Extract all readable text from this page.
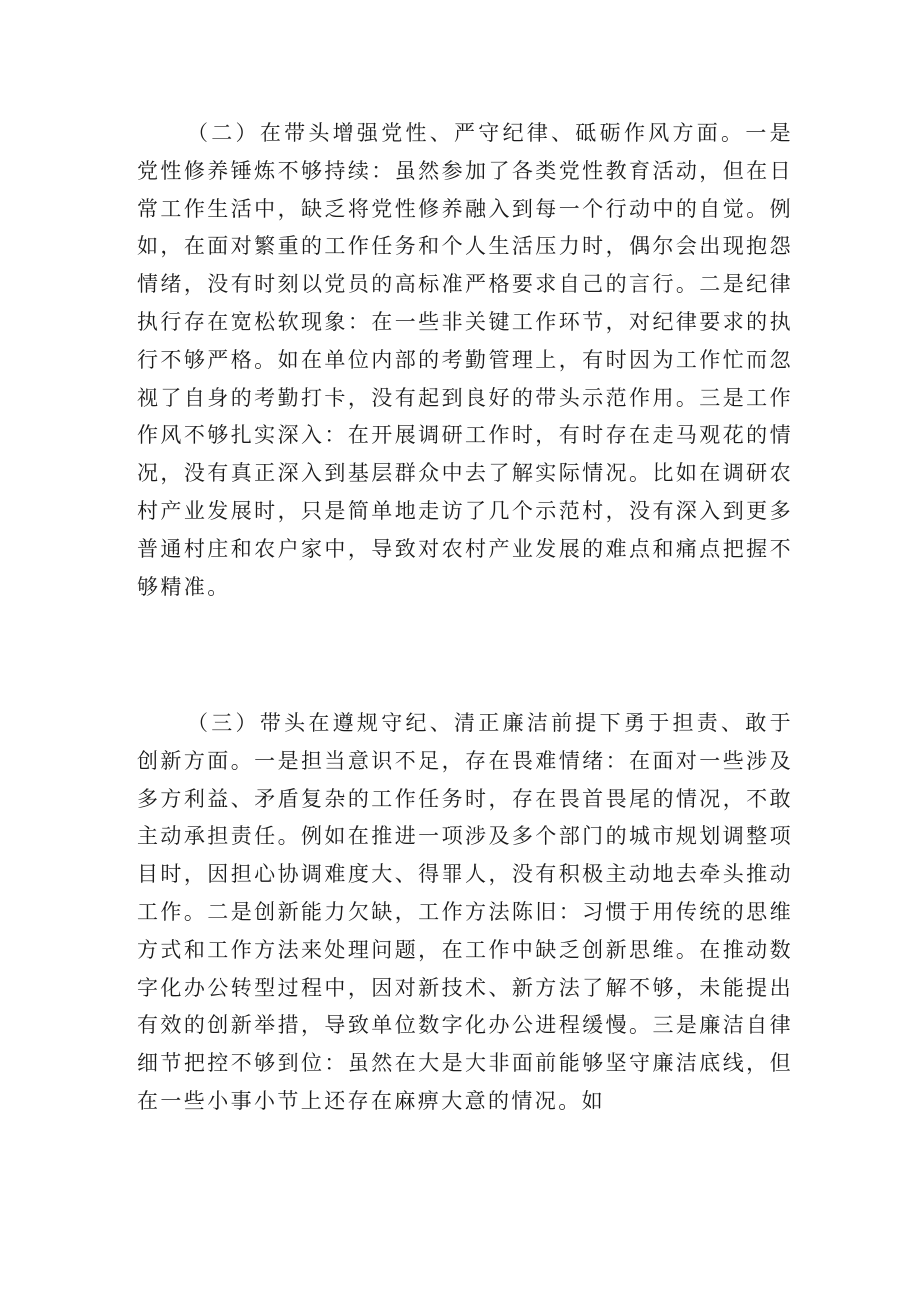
（二）在带头增强党性、严守纪律、砥砺作风方面。一是党性修养锤炼不够持续：虽然参加了各类党性教育活动，但在日常工作生活中，缺乏将党性修养融入到每一个行动中的自觉。例如，在面对繁重的工作任务和个人生活压力时，偶尔会出现抱怨情绪，没有时刻以党员的高标准严格要求自己的言行。二是纪律执行存在宽松软现象：在一些非关键工作环节，对纪律要求的执行不够严格。如在单位内部的考勤管理上，有时因为工作忙而忽视了自身的考勤打卡，没有起到良好的带头示范作用。三是工作作风不够扎实深入：在开展调研工作时，有时存在走马观花的情况，没有真正深入到基层群众中去了解实际情况。比如在调研农村产业发展时，只是简单地走访了几个示范村，没有深入到更多普通村庄和农户家中，导致对农村产业发展的难点和痛点把握不够精准。

（三）带头在遵规守纪、清正廉洁前提下勇于担责、敢于创新方面。一是担当意识不足，存在畏难情绪：在面对一些涉及多方利益、矛盾复杂的工作任务时，存在畏首畏尾的情况，不敢主动承担责任。例如在推进一项涉及多个部门的城市规划调整项目时，因担心协调难度大、得罪人，没有积极主动地去牵头推动工作。二是创新能力欠缺，工作方法陈旧：习惯于用传统的思维方式和工作方法来处理问题，在工作中缺乏创新思维。在推动数字化办公转型过程中，因对新技术、新方法了解不够，未能提出有效的创新举措，导致单位数字化办公进程缓慢。三是廉洁自律细节把控不够到位：虽然在大是大非面前能够坚守廉洁底线，但在一些小事小节上还存在麻痹大意的情况。如
